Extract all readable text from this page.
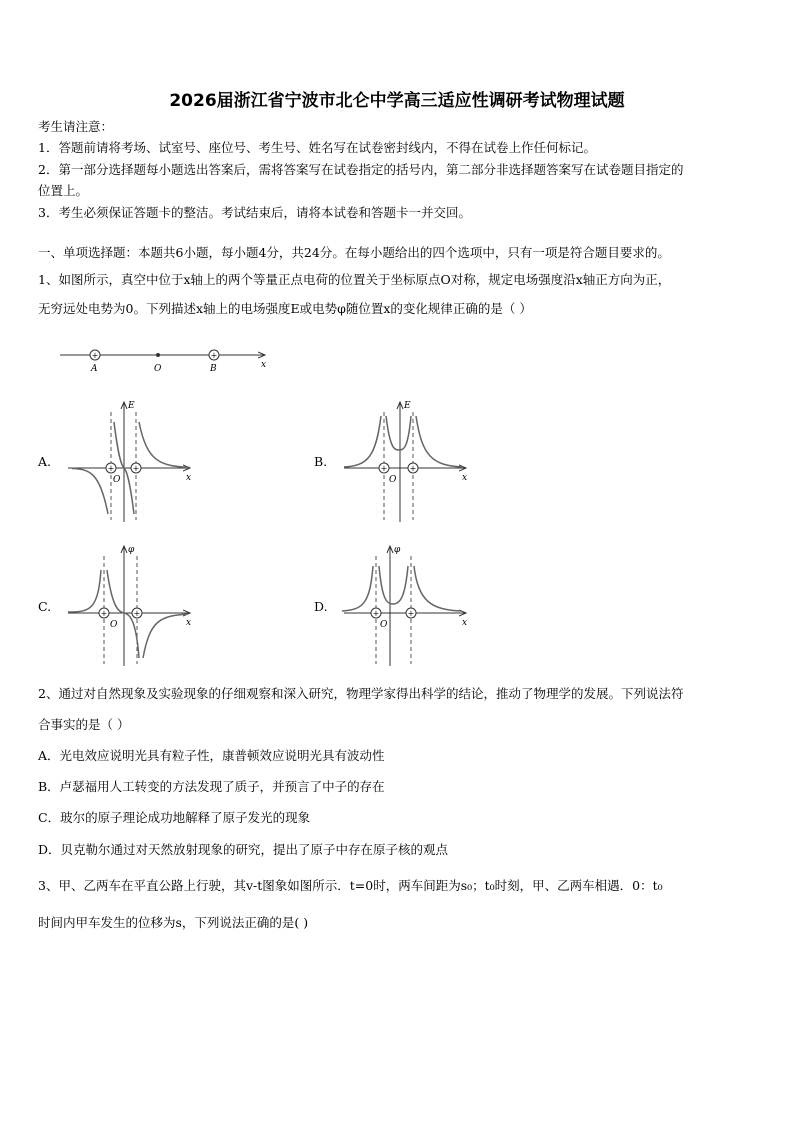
2026届浙江省宁波市北仑中学高三适应性调研考试物理试题
考生请注意：
1．答题前请将考场、试室号、座位号、考生号、姓名写在试卷密封线内，不得在试卷上作任何标记。
2．第一部分选择题每小题选出答案后，需将答案写在试卷指定的括号内，第二部分非选择题答案写在试卷题目指定的
位置上。
3．考生必须保证答题卡的整洁。考试结束后，请将本试卷和答题卡一并交回。
一、单项选择题：本题共6小题，每小题4分，共24分。在每小题给出的四个选项中，只有一项是符合题目要求的。
1、如图所示，真空中位于x轴上的两个等量正点电荷的位置关于坐标原点O对称，规定电场强度沿x轴正方向为正，
无穷远处电势为0。下列描述x轴上的电场强度E或电势φ随位置x的变化规律正确的是（ ）
+	+
A	O	B	x
A.	+ +
O
E
x
B.	+	+
O
E
x
C.	+	+
O
φ
x
D.	+	+
O
φ
x
2、通过对自然现象及实验现象的仔细观察和深入研究，物理学家得出科学的结论，推动了物理学的发展。下列说法符
合事实的是（ ）
A．光电效应说明光具有粒子性，康普顿效应说明光具有波动性
B．卢瑟福用人工转变的方法发现了质子，并预言了中子的存在
C．玻尔的原子理论成功地解释了原子发光的现象
D．贝克勒尔通过对天然放射现象的研究，提出了原子中存在原子核的观点
3、甲、乙两车在平直公路上行驶，其v-t图象如图所示．t=0时，两车间距为s₀；t₀时刻，甲、乙两车相遇．0：t₀
时间内甲车发生的位移为s，下列说法正确的是( )
